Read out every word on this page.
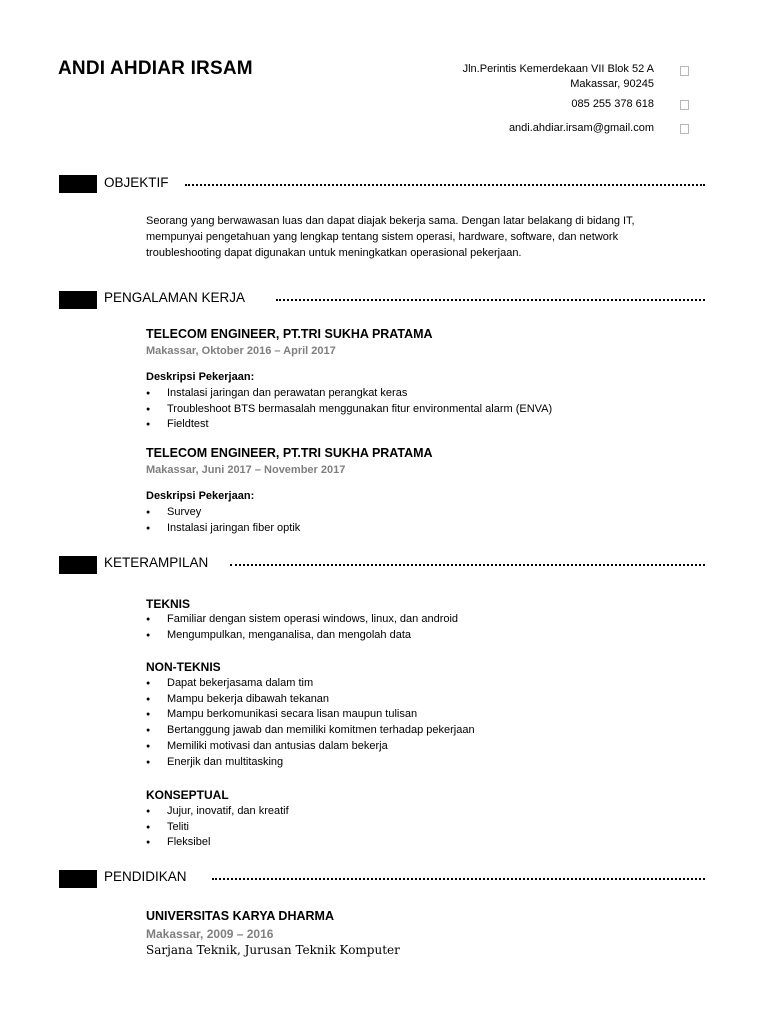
ANDI AHDIAR IRSAM	Jln.Perintis Kemerdekaan VII Blok 52 A
Makassar, 90245
085 255 378 618
andi.ahdiar.irsam@gmail.com
OBJEKTIF
Seorang yang berwawasan luas dan dapat diajak bekerja sama. Dengan latar belakang di bidang IT, mempunyai pengetahuan yang lengkap tentang sistem operasi, hardware, software, dan network troubleshooting dapat digunakan untuk meningkatkan operasional pekerjaan.
PENGALAMAN KERJA
TELECOM ENGINEER, PT.TRI SUKHA PRATAMA
Makassar, Oktober 2016 – April 2017
Deskripsi Pekerjaan:
● Instalasi jaringan dan perawatan perangkat keras
● Troubleshoot BTS bermasalah menggunakan fitur environmental alarm (ENVA)
● Fieldtest
TELECOM ENGINEER, PT.TRI SUKHA PRATAMA
Makassar, Juni 2017 – November 2017
Deskripsi Pekerjaan:
● Survey
● Instalasi jaringan fiber optik
KETERAMPILAN
TEKNIS
● Familiar dengan sistem operasi windows, linux, dan android
● Mengumpulkan, menganalisa, dan mengolah data
NON-TEKNIS
● Dapat bekerjasama dalam tim
● Mampu bekerja dibawah tekanan
● Mampu berkomunikasi secara lisan maupun tulisan
● Bertanggung jawab dan memiliki komitmen terhadap pekerjaan
● Memiliki motivasi dan antusias dalam bekerja
● Enerjik dan multitasking
KONSEPTUAL
● Jujur, inovatif, dan kreatif
● Teliti
● Fleksibel
PENDIDIKAN
UNIVERSITAS KARYA DHARMA
Makassar, 2009 – 2016
Sarjana Teknik, Jurusan Teknik Komputer
